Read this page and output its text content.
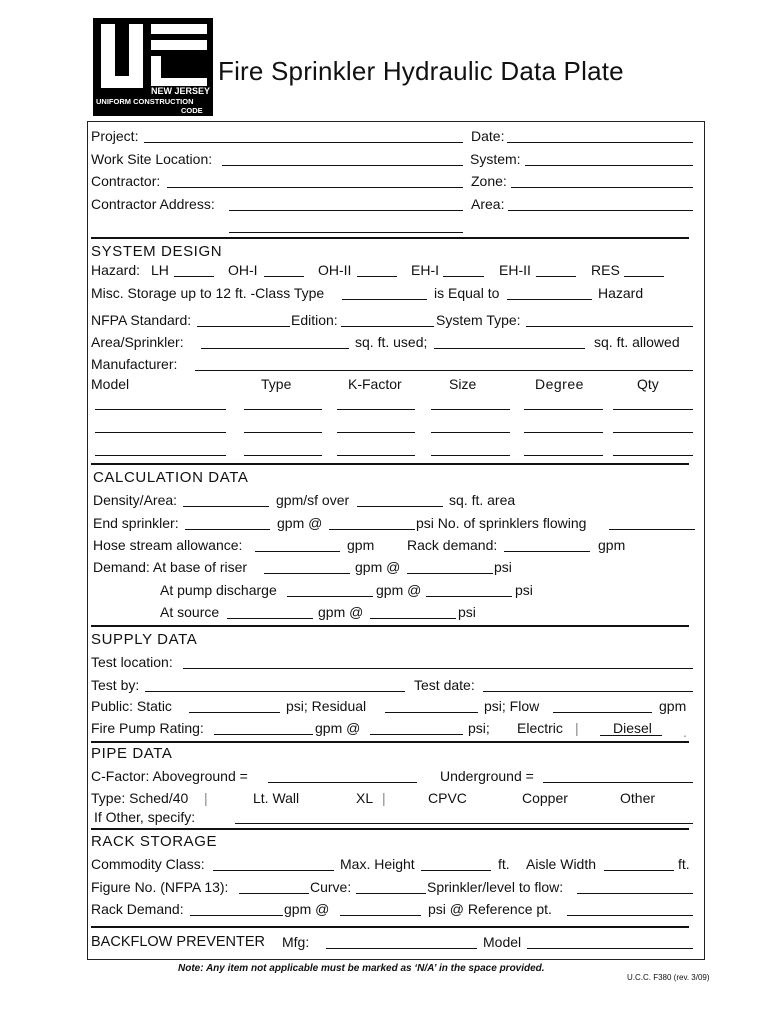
NEW JERSEY
UNIFORM CONSTRUCTION
CODE
Fire Sprinkler Hydraulic Data Plate
Project:	Date:
Work Site Location:	System:
Contractor:	Zone:
Contractor Address:	Area:
SYSTEM DESIGN
Hazard: LH	OH-I	OH-II	EH-I	EH-II	RES
Misc. Storage up to 12 ft. -Class Type	is Equal to	Hazard
NFPA Standard:	Edition:	System Type:
Area/Sprinkler:	sq. ft. used;	sq. ft. allowed
Manufacturer:
Model	Type	K-Factor	Size	Degree	Qty
CALCULATION DATA
Density/Area:	gpm/sf over	sq. ft. area
End sprinkler:	gpm @	psi No. of sprinklers flowing
Hose stream allowance:	gpm Rack demand:	gpm
Demand: At base of riser	gpm @	psi
At pump discharge	gpm @	psi
At source	gpm @	psi
SUPPLY DATA
Test location:
Test by:	Test date:
Public: Static	psi; Residual	psi; Flow	gpm
Fire Pump Rating:	gpm @	psi; Electric | Diesel .
PIPE DATA
C-Factor: Aboveground =	Underground =
Type: Sched/40 |	Lt. Wall	XL |	CPVC	Copper	Other
If Other, specify:
RACK STORAGE
Commodity Class:	Max. Height	ft. Aisle Width	ft.
Figure No. (NFPA 13):	Curve:	Sprinkler/level to flow:
Rack Demand:	gpm @	psi @ Reference pt.
BACKFLOW PREVENTER Mfg:	Model
Note: Any item not applicable must be marked as ‘N/A’ in the space provided.
U.C.C. F380 (rev. 3/09)
